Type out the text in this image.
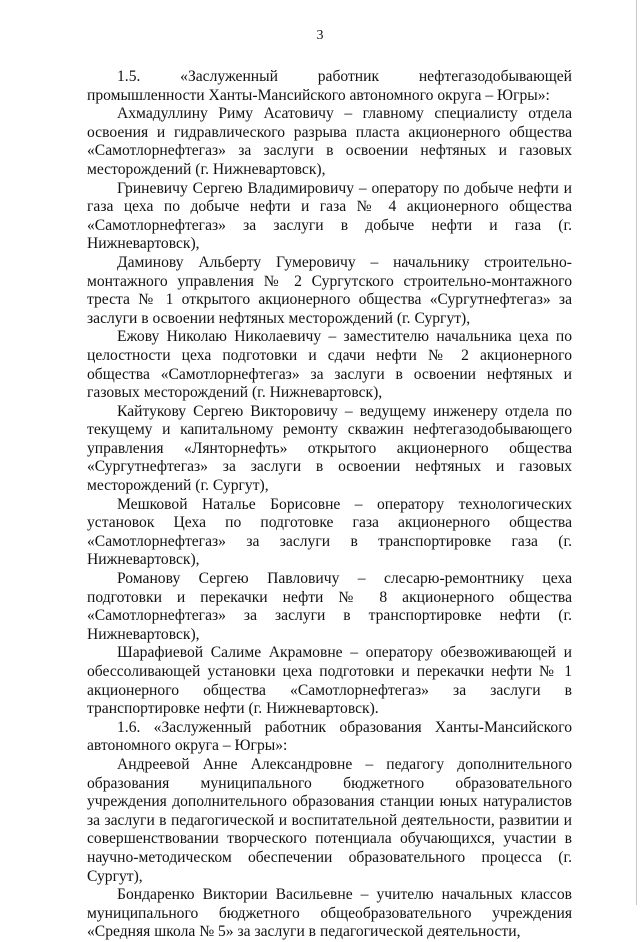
3

1.5. «Заслуженный работник нефтегазодобывающей промышленности Ханты-Мансийского автономного округа – Югры»:

Ахмадуллину Риму Асатовичу – главному специалисту отдела освоения и гидравлического разрыва пласта акционерного общества «Самотлорнефтегаз» за заслуги в освоении нефтяных и газовых месторождений (г. Нижневартовск),

Гриневичу Сергею Владимировичу – оператору по добыче нефти и газа цеха по добыче нефти и газа № 4 акционерного общества «Самотлорнефтегаз» за заслуги в добыче нефти и газа (г. Нижневартовск),

Даминову Альберту Гумеровичу – начальнику строительно-монтажного управления № 2 Сургутского строительно-монтажного треста № 1 открытого акционерного общества «Сургутнефтегаз» за заслуги в освоении нефтяных месторождений (г. Сургут),

Ежову Николаю Николаевичу – заместителю начальника цеха по целостности цеха подготовки и сдачи нефти № 2 акционерного общества «Самотлорнефтегаз» за заслуги в освоении нефтяных и газовых месторождений (г. Нижневартовск),

Кайтукову Сергею Викторовичу – ведущему инженеру отдела по текущему и капитальному ремонту скважин нефтегазодобывающего управления «Лянторнефть» открытого акционерного общества «Сургутнефтегаз» за заслуги в освоении нефтяных и газовых месторождений (г. Сургут),

Мешковой Наталье Борисовне – оператору технологических установок Цеха по подготовке газа акционерного общества «Самотлорнефтегаз» за заслуги в транспортировке газа (г. Нижневартовск),

Романову Сергею Павловичу – слесарю-ремонтнику цеха подготовки и перекачки нефти № 8 акционерного общества «Самотлорнефтегаз» за заслуги в транспортировке нефти (г. Нижневартовск),

Шарафиевой Салиме Акрамовне – оператору обезвоживающей и обессоливающей установки цеха подготовки и перекачки нефти № 1 акционерного общества «Самотлорнефтегаз» за заслуги в транспортировке нефти (г. Нижневартовск).

1.6. «Заслуженный работник образования Ханты-Мансийского автономного округа – Югры»:

Андреевой Анне Александровне – педагогу дополнительного образования муниципального бюджетного образовательного учреждения дополнительного образования станции юных натуралистов за заслуги в педагогической и воспитательной деятельности, развитии и совершенствовании творческого потенциала обучающихся, участии в научно-методическом обеспечении образовательного процесса (г. Сургут),

Бондаренко Виктории Васильевне – учителю начальных классов муниципального бюджетного общеобразовательного учреждения «Средняя школа № 5» за заслуги в педагогической деятельности,
